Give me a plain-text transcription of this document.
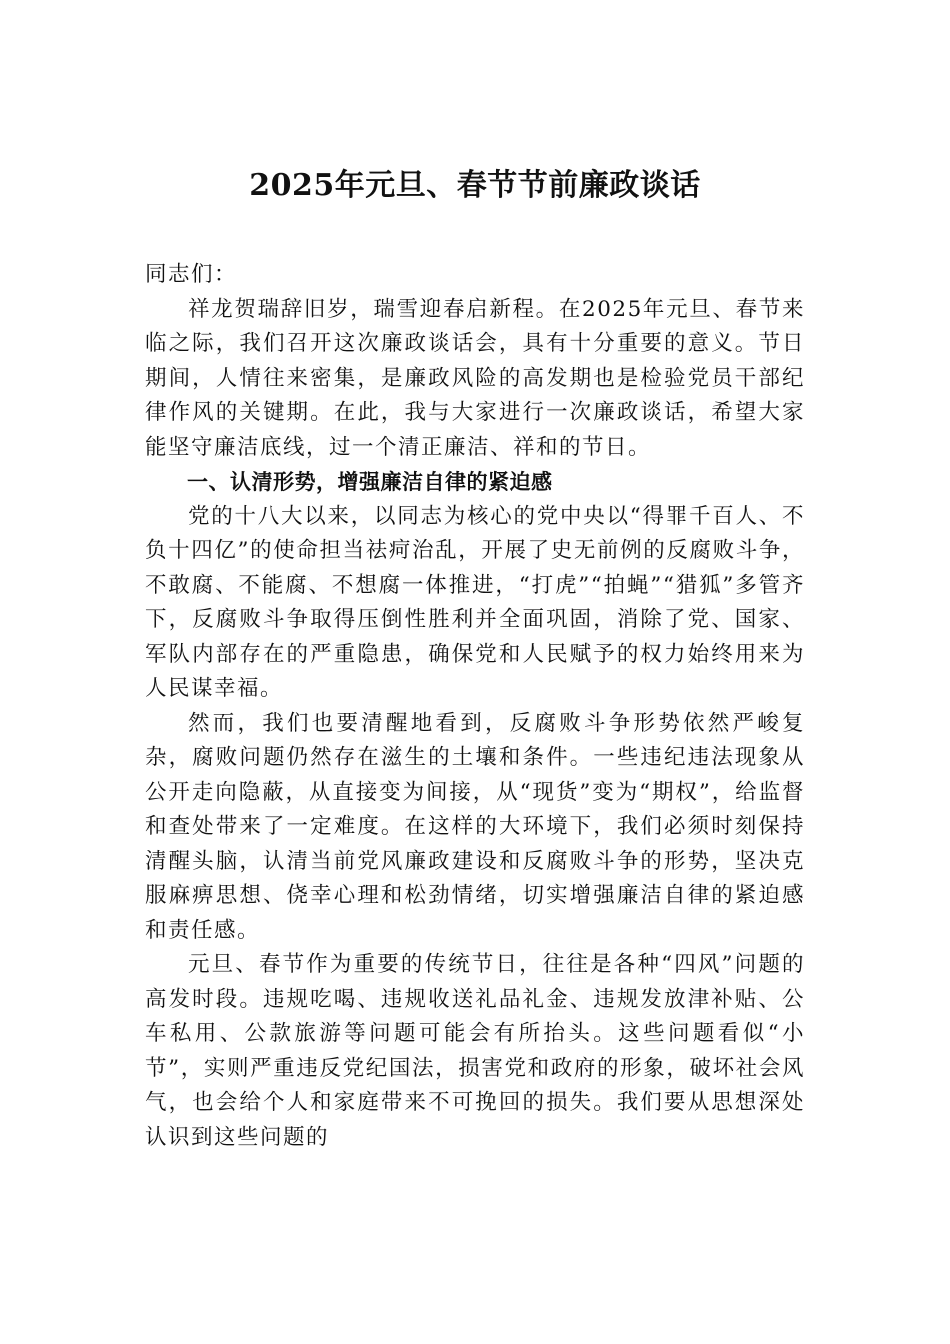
2025年元旦、春节节前廉政谈话

同志们：

祥龙贺瑞辞旧岁，瑞雪迎春启新程。在2025年元旦、春节来临之际，我们召开这次廉政谈话会，具有十分重要的意义。节日期间，人情往来密集，是廉政风险的高发期也是检验党员干部纪律作风的关键期。在此，我与大家进行一次廉政谈话，希望大家能坚守廉洁底线，过一个清正廉洁、祥和的节日。

一、认清形势，增强廉洁自律的紧迫感

党的十八大以来，以同志为核心的党中央以“得罪千百人、不负十四亿”的使命担当祛疴治乱，开展了史无前例的反腐败斗争，不敢腐、不能腐、不想腐一体推进，“打虎”“拍蝇”“猎狐”多管齐下，反腐败斗争取得压倒性胜利并全面巩固，消除了党、国家、军队内部存在的严重隐患，确保党和人民赋予的权力始终用来为人民谋幸福。

然而，我们也要清醒地看到，反腐败斗争形势依然严峻复杂，腐败问题仍然存在滋生的土壤和条件。一些违纪违法现象从公开走向隐蔽，从直接变为间接，从“现货”变为“期权”，给监督和查处带来了一定难度。在这样的大环境下，我们必须时刻保持清醒头脑，认清当前党风廉政建设和反腐败斗争的形势，坚决克服麻痹思想、侥幸心理和松劲情绪，切实增强廉洁自律的紧迫感和责任感。

元旦、春节作为重要的传统节日，往往是各种“四风”问题的高发时段。违规吃喝、违规收送礼品礼金、违规发放津补贴、公车私用、公款旅游等问题可能会有所抬头。这些问题看似“小节”，实则严重违反党纪国法，损害党和政府的形象，破坏社会风气，也会给个人和家庭带来不可挽回的损失。我们要从思想深处认识到这些问题的
